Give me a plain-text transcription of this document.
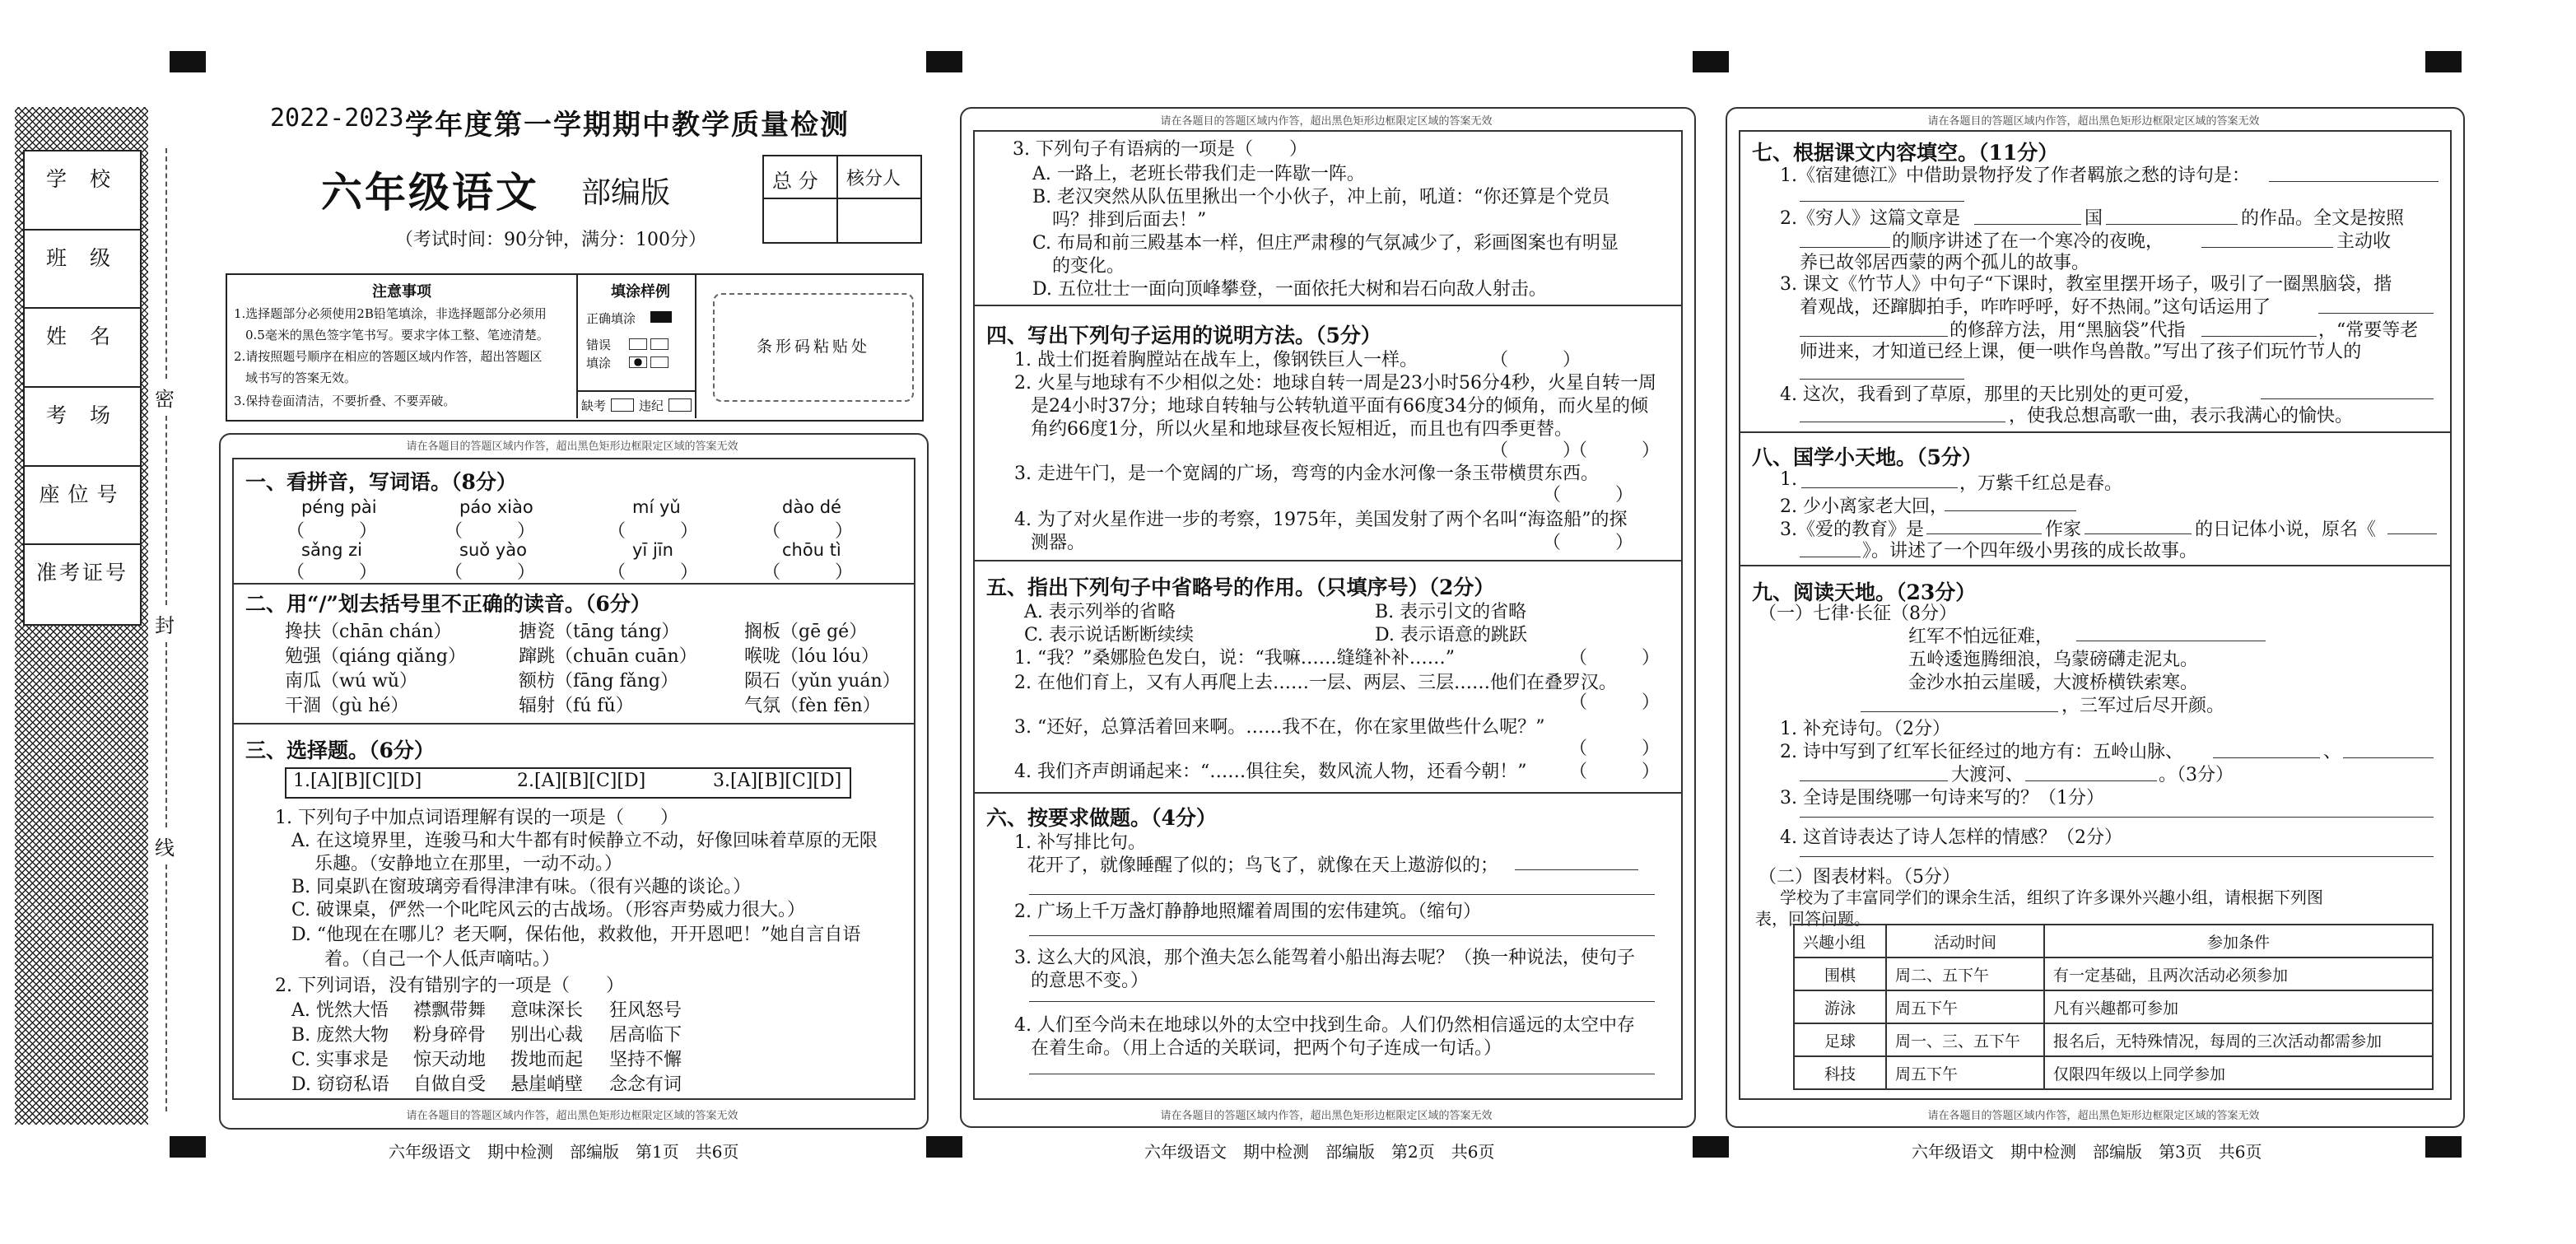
学 校
班 级
姓 名
考 场
座位号
准考证号
密
封
线
2022-2023 学年度第一学期期中教学质量检测
六年级语文 部编版
（考试时间：90分钟，满分：100分）
总 分 核分人
注意事项
1.选择题部分必须使用2B铅笔填涂，非选择题部分必须用
0.5毫米的黑色签字笔书写。要求字体工整、笔迹清楚。
2.请按照题号顺序在相应的答题区域内作答，超出答题区
域书写的答案无效。
3.保持卷面清洁，不要折叠、不要弄破。
填涂样例
正确填涂
错误填涂

缺考	违纪
条形码粘贴处
请在各题目的答题区域内作答，超出黑色矩形边框限定区域的答案无效
一、看拼音，写词语。（8分）
péng pài	páo xiào	mí yǔ	dào dé
（　　　）	（　　　）	（　　　）	（　　　）
sǎng zi	suǒ yào	yī jīn	chōu tì
（　　　）	（　　　）	（　　　）	（　　　）
二、用“/”划去括号里不正确的读音。（6分）
搀扶（chān chán）	搪瓷（tāng táng）	搁板（gē gé）
勉强（qiáng qiǎng）	蹿跳（chuān cuān）	喉咙（lóu lóu）
南瓜（wú wǔ）	额枋（fāng fǎng）	陨石（yǔn yuán）
干涸（gù hé）	辐射（fú fǔ）	气氛（fèn fēn）
三、选择题。（6分）
1.[A][B][C][D]	2.[A][B][C][D]	3.[A][B][C][D]
1. 下列句子中加点词语理解有误的一项是（　　）
A. 在这境界里，连骏马和大牛都有时候静立不动，好像回味着草原的无限
乐趣。（安静地立在那里，一动不动。）
B. 同桌趴在窗玻璃旁看得津津有味。（很有兴趣的谈论。）
C. 破课桌，俨然一个叱咤风云的古战场。（形容声势威力很大。）
D. “他现在在哪儿？老天啊，保佑他，救救他，开开恩吧！”她自言自语
着。（自己一个人低声嘀咕。）
2. 下列词语，没有错别字的一项是（　　）
A. 恍然大悟 襟飘带舞 意味深长 狂风怒号
B. 庞然大物 粉身碎骨 别出心裁 居高临下
C. 实事求是 惊天动地 拨地而起 坚持不懈
D. 窃窃私语 自做自受 悬崖峭壁 念念有词
请在各题目的答题区域内作答，超出黑色矩形边框限定区域的答案无效
六年级语文　期中检测　部编版　第1页　共6页
请在各题目的答题区域内作答，超出黑色矩形边框限定区域的答案无效
3. 下列句子有语病的一项是（　　）
A. 一路上，老班长带我们走一阵歇一阵。
B. 老汉突然从队伍里揪出一个小伙子，冲上前，吼道：“你还算是个党员
吗？排到后面去！”
C. 布局和前三殿基本一样，但庄严肃穆的气氛减少了，彩画图案也有明显
的变化。
D. 五位壮士一面向顶峰攀登，一面依托大树和岩石向敌人射击。
四、写出下列句子运用的说明方法。（5分）
1. 战士们挺着胸膛站在战车上，像钢铁巨人一样。	（　　　）
2. 火星与地球有不少相似之处：地球自转一周是23小时56分4秒，火星自转一周
是24小时37分；地球自转轴与公转轨道平面有66度34分的倾角，而火星的倾
角约66度1分，所以火星和地球昼夜长短相近，而且也有四季更替。
（　　　）
（　　　）
3. 走进午门，是一个宽阔的广场，弯弯的内金水河像一条玉带横贯东西。
（　　　）
4. 为了对火星作进一步的考察，1975年，美国发射了两个名叫“海盗船”的探
测器。	（　　　）
五、指出下列句子中省略号的作用。（只填序号）（2分）
A. 表示列举的省略	B. 表示引文的省略
C. 表示说话断断续续	D. 表示语意的跳跃
1. “我？”桑娜脸色发白，说：“我嘛……缝缝补补……”	（　　　）
2. 在他们育上，又有人再爬上去……一层、两层、三层……他们在叠罗汉。
（　　　）
3. “还好，总算活着回来啊。……我不在，你在家里做些什么呢？”
（　　　）
4. 我们齐声朗诵起来：“……俱往矣，数风流人物，还看今朝！” （　　　）
六、按要求做题。（4分）
1. 补写排比句。
花开了，就像睡醒了似的；鸟飞了，就像在天上遨游似的；
2. 广场上千万盏灯静静地照耀着周围的宏伟建筑。（缩句）
3. 这么大的风浪，那个渔夫怎么能驾着小船出海去呢？（换一种说法，使句子
的意思不变。）
4. 人们至今尚未在地球以外的太空中找到生命。人们仍然相信遥远的太空中存
在着生命。（用上合适的关联词，把两个句子连成一句话。）
请在各题目的答题区域内作答，超出黑色矩形边框限定区域的答案无效
六年级语文　期中检测　部编版　第2页　共6页
请在各题目的答题区域内作答，超出黑色矩形边框限定区域的答案无效
七、根据课文内容填空。（11分）
1.《宿建德江》中借助景物抒发了作者羁旅之愁的诗句是：
2.《穷人》这篇文章是	国	的作品。全文是按照
的顺序讲述了在一个寒冷的夜晚，	主动收
养已故邻居西蒙的两个孤儿的故事。
3. 课文《竹节人》中句子“下课时，教室里摆开场子，吸引了一圈黑脑袋，揩
着观战，还蹿脚拍手，咋咋呼呼，好不热闹。”这句话运用了
的修辞方法，用“黑脑袋”代指	，“常要等老
师进来，才知道已经上课，便一哄作鸟兽散。”写出了孩子们玩竹节人的
4. 这次，我看到了草原，那里的天比别处的更可爱，
，使我总想高歌一曲，表示我满心的愉快。
八、国学小天地。（5分）
1.	，万紫千红总是春。
2. 少小离家老大回，
3.《爱的教育》是	作家	的日记体小说，原名《
》。讲述了一个四年级小男孩的成长故事。
九、阅读天地。（23分）
（一）七律·长征（8分）
红军不怕远征难，
五岭逶迤腾细浪，乌蒙磅礴走泥丸。
金沙水拍云崖暖，大渡桥横铁索寒。
，三军过后尽开颜。
1. 补充诗句。（2分）
2. 诗中写到了红军长征经过的地方有：五岭山脉、	、
大渡河、	。（3分）
3. 全诗是围绕哪一句诗来写的？（1分）
4. 这首诗表达了诗人怎样的情感？（2分）
（二）图表材料。（5分）
学校为了丰富同学们的课余生活，组织了许多课外兴趣小组，请根据下列图
表，回答问题。
兴趣小组	活动时间	参加条件
围棋	周二、五下午	有一定基础，且两次活动必须参加
游泳	周五下午	凡有兴趣都可参加
足球	周一、三、五下午	报名后，无特殊情况，每周的三次活动都需参加
科技	周五下午	仅限四年级以上同学参加
请在各题目的答题区域内作答，超出黑色矩形边框限定区域的答案无效
六年级语文　期中检测　部编版　第3页　共6页
